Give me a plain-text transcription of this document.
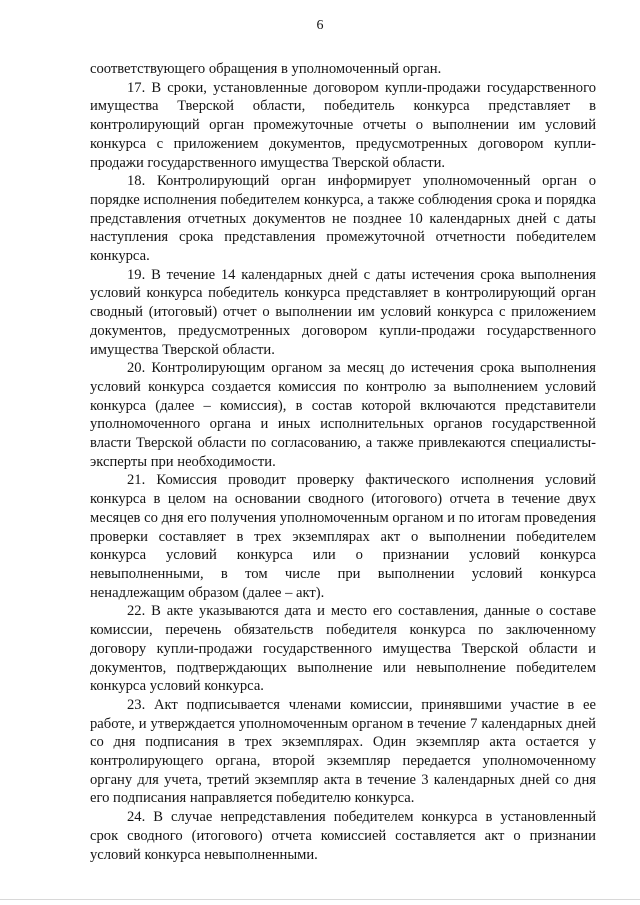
6

соответствующего обращения в уполномоченный орган.

17. В сроки, установленные договором купли-продажи государственного имущества Тверской области, победитель конкурса представляет в контролирующий орган промежуточные отчеты о выполнении им условий конкурса с приложением документов, предусмотренных договором купли-продажи государственного имущества Тверской области.

18. Контролирующий орган информирует уполномоченный орган о порядке исполнения победителем конкурса, а также соблюдения срока и порядка представления отчетных документов не позднее 10 календарных дней с даты наступления срока представления промежуточной отчетности победителем конкурса.

19. В течение 14 календарных дней с даты истечения срока выполнения условий конкурса победитель конкурса представляет в контролирующий орган сводный (итоговый) отчет о выполнении им условий конкурса с приложением документов, предусмотренных договором купли-продажи государственного имущества Тверской области.

20. Контролирующим органом за месяц до истечения срока выполнения условий конкурса создается комиссия по контролю за выполнением условий конкурса (далее – комиссия), в состав которой включаются представители уполномоченного органа и иных исполнительных органов государственной власти Тверской области по согласованию, а также привлекаются специалисты-эксперты при необходимости.

21. Комиссия проводит проверку фактического исполнения условий конкурса в целом на основании сводного (итогового) отчета в течение двух месяцев со дня его получения уполномоченным органом и по итогам проведения проверки составляет в трех экземплярах акт о выполнении победителем конкурса условий конкурса или о признании условий конкурса невыполненными, в том числе при выполнении условий конкурса ненадлежащим образом (далее – акт).

22. В акте указываются дата и место его составления, данные о составе комиссии, перечень обязательств победителя конкурса по заключенному договору купли-продажи государственного имущества Тверской области и документов, подтверждающих выполнение или невыполнение победителем конкурса условий конкурса.

23. Акт подписывается членами комиссии, принявшими участие в ее работе, и утверждается уполномоченным органом в течение 7 календарных дней со дня подписания в трех экземплярах. Один экземпляр акта остается у контролирующего органа, второй экземпляр передается уполномоченному органу для учета, третий экземпляр акта в течение 3 календарных дней со дня его подписания направляется победителю конкурса.

24. В случае непредставления победителем конкурса в установленный срок сводного (итогового) отчета комиссией составляется акт о признании условий конкурса невыполненными.
